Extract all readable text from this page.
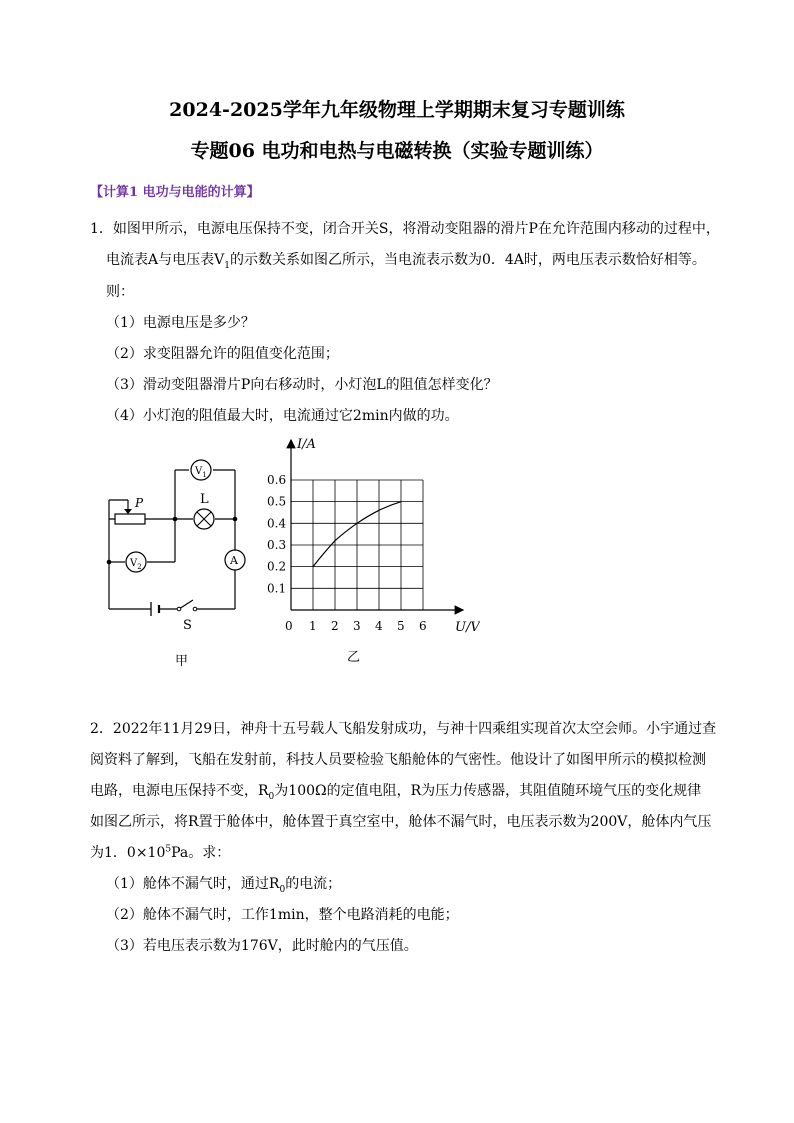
2024-2025学年九年级物理上学期期末复习专题训练
专题06 电功和电热与电磁转换（实验专题训练）
【计算1 电功与电能的计算】
1．如图甲所示，电源电压保持不变，闭合开关S，将滑动变阻器的滑片P在允许范围内移动的过程中，
电流表A与电压表$V_1$的示数关系如图乙所示，当电流表示数为0．4A时，两电压表示数恰好相等。
则：
（1）电源电压是多少？
（2）求变阻器允许的阻值变化范围；
（3）滑动变阻器滑片P向右移动时，小灯泡L的阻值怎样变化？
（4）小灯泡的阻值最大时，电流通过它2min内做的功。
P	L
$V_1$
$V_2$	A
S
甲
0 1 2 3 4 5 6
0.1
0.2
0.3
0.4
0.5
0.6
I/A
U/V
乙
2．2022年11月29日，神舟十五号载人飞船发射成功，与神十四乘组实现首次太空会师。小宇通过查
阅资料了解到，飞船在发射前，科技人员要检验飞船舱体的气密性。他设计了如图甲所示的模拟检测
电路，电源电压保持不变，$R_0$为100Ω的定值电阻，R为压力传感器，其阻值随环境气压的变化规律
如图乙所示，将R置于舱体中，舱体置于真空室中，舱体不漏气时，电压表示数为200V，舱体内气压
为1．$0\times 10^5Pa$。求：
（1）舱体不漏气时，通过$R_0$的电流；
（2）舱体不漏气时，工作1min，整个电路消耗的电能；
（3）若电压表示数为176V，此时舱内的气压值。
